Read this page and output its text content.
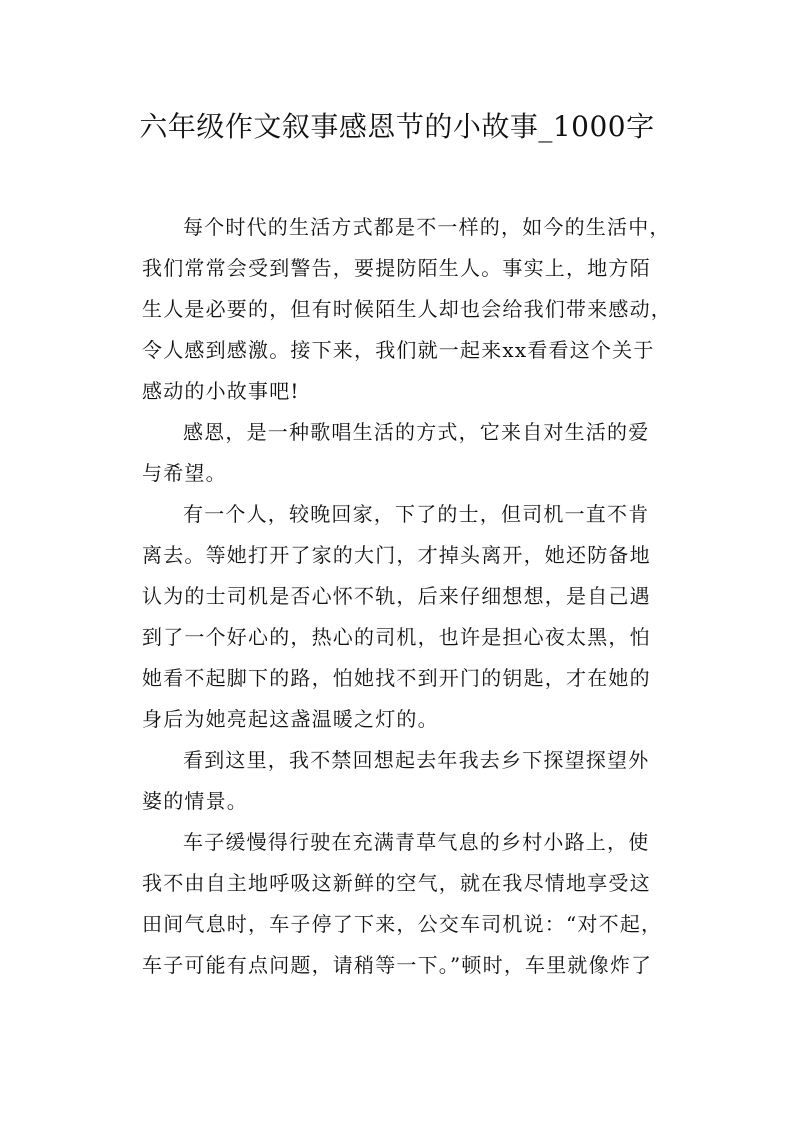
六年级作文叙事感恩节的小故事_1000字

每个时代的生活方式都是不一样的，如今的生活中，
我们常常会受到警告，要提防陌生人。事实上，地方陌
生人是必要的，但有时候陌生人却也会给我们带来感动，
令人感到感激。接下来，我们就一起来xx看看这个关于
感动的小故事吧!

感恩，是一种歌唱生活的方式，它来自对生活的爱
与希望。

有一个人，较晚回家，下了的士，但司机一直不肯
离去。等她打开了家的大门，才掉头离开，她还防备地
认为的士司机是否心怀不轨，后来仔细想想，是自己遇
到了一个好心的，热心的司机，也许是担心夜太黑，怕
她看不起脚下的路，怕她找不到开门的钥匙，才在她的
身后为她亮起这盏温暖之灯的。

看到这里，我不禁回想起去年我去乡下探望探望外
婆的情景。

车子缓慢得行驶在充满青草气息的乡村小路上，使
我不由自主地呼吸这新鲜的空气，就在我尽情地享受这
田间气息时，车子停了下来，公交车司机说：“对不起，
车子可能有点问题，请稍等一下。”顿时，车里就像炸了
